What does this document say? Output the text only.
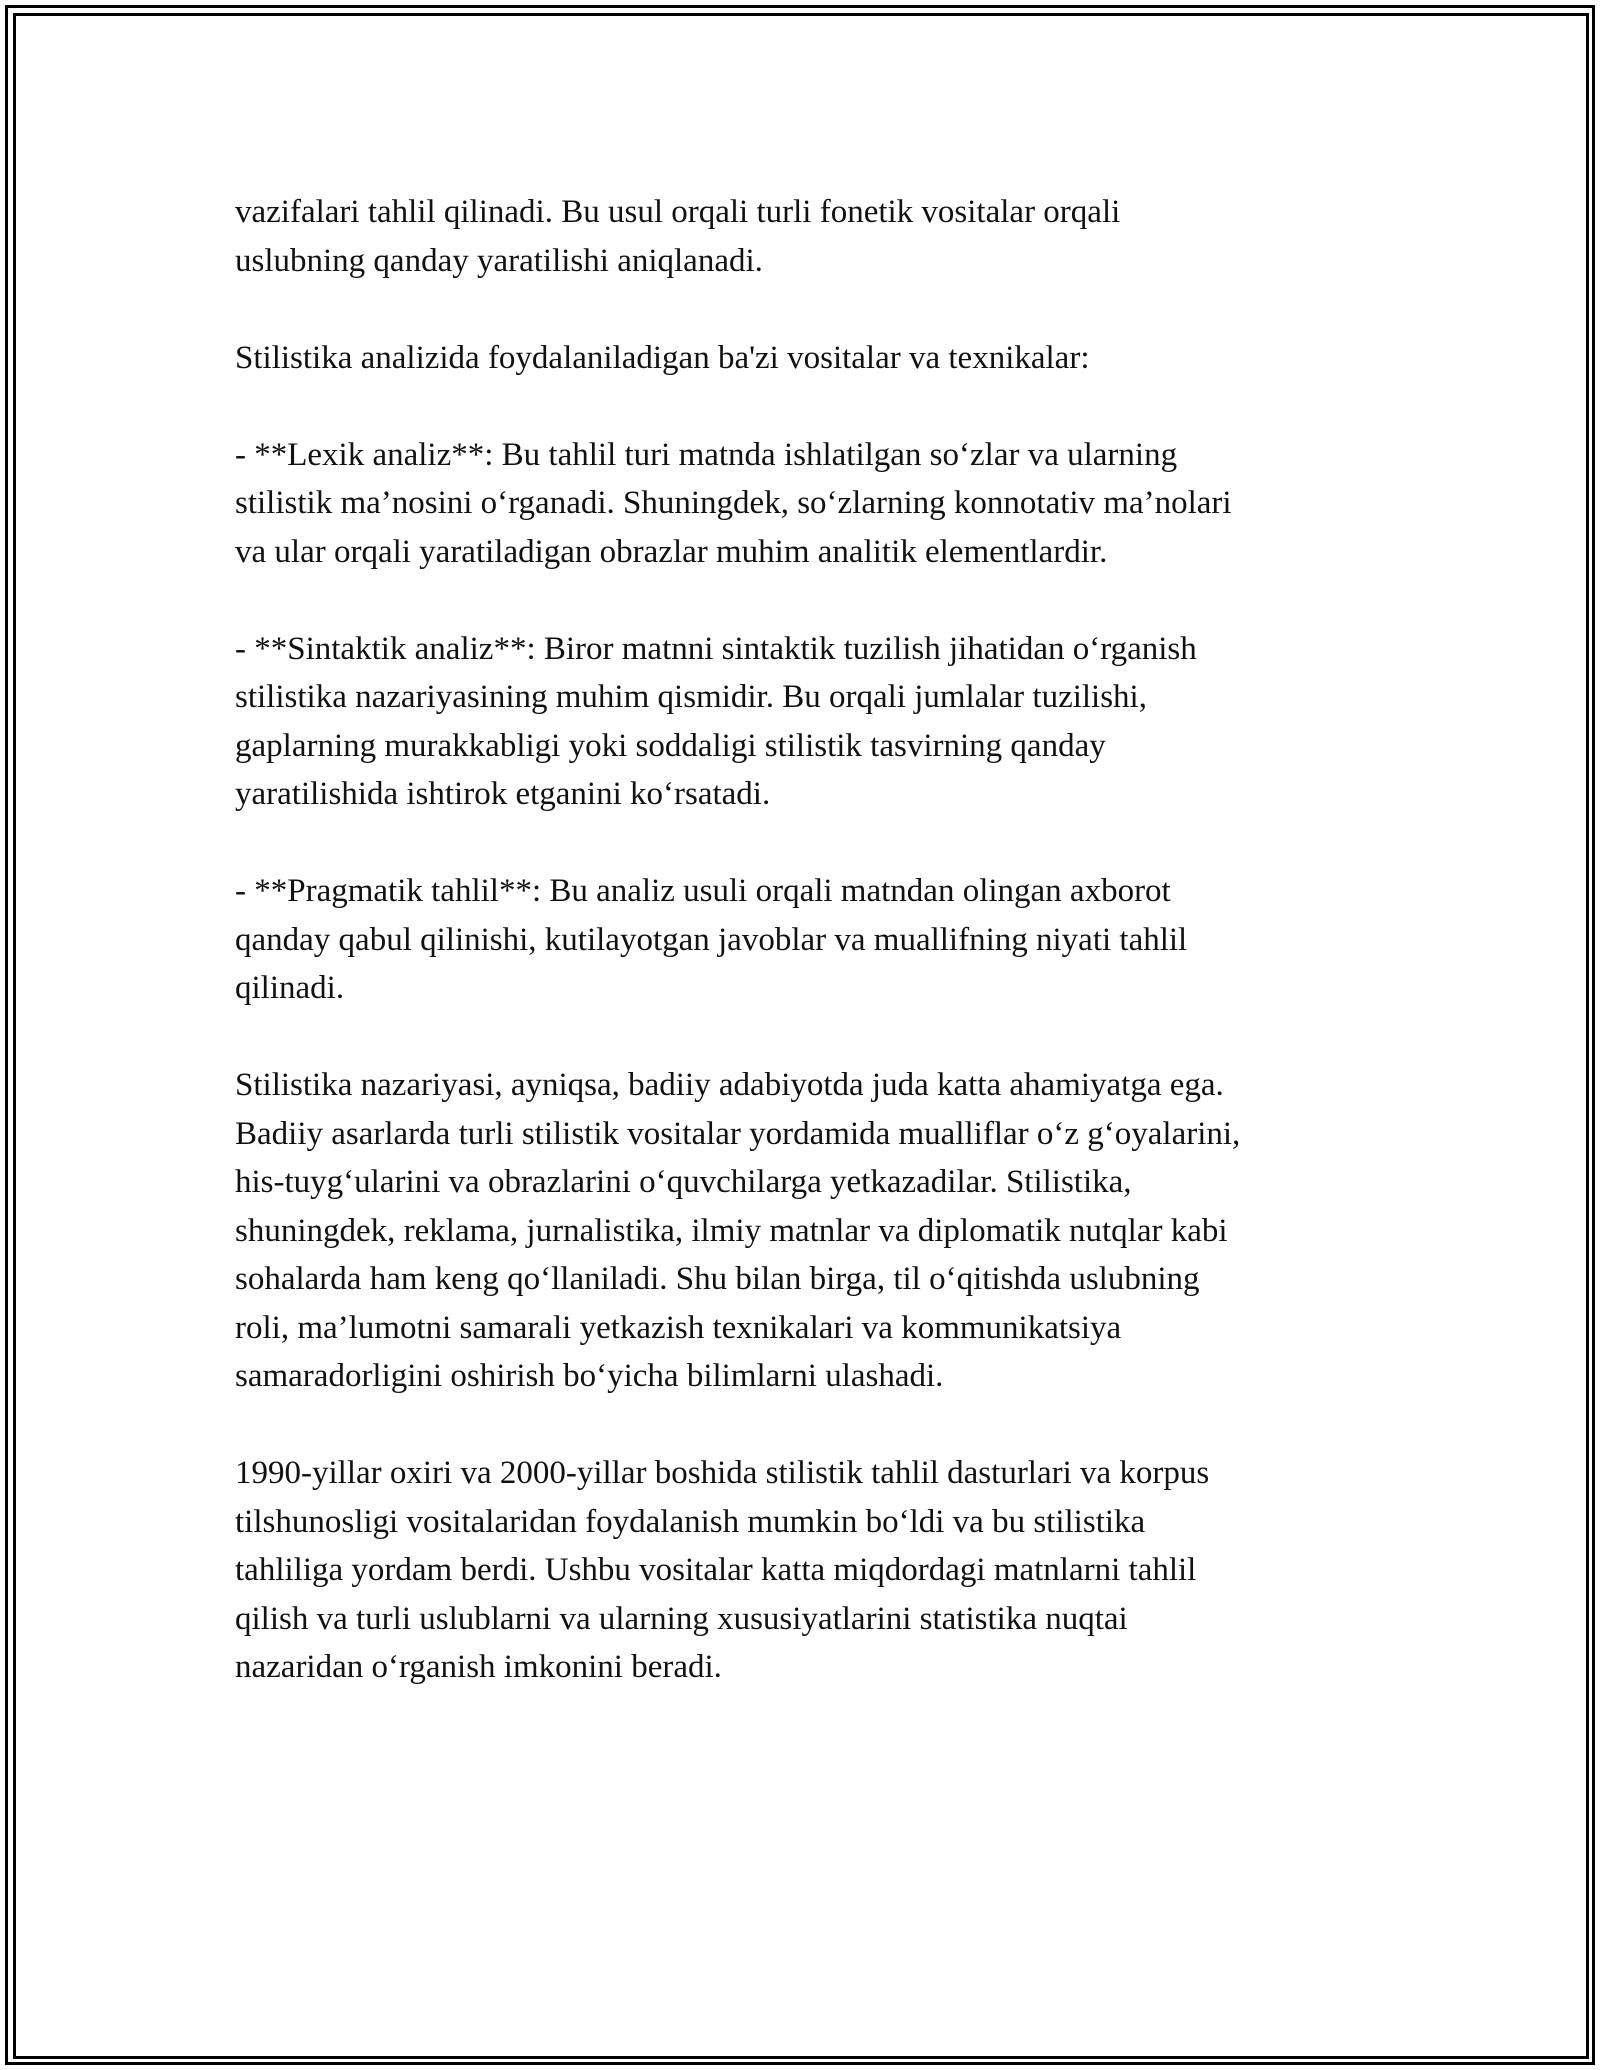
vazifalari tahlil qilinadi. Bu usul orqali turli fonetik vositalar orqali
uslubning qanday yaratilishi aniqlanadi.

Stilistika analizida foydalaniladigan ba'zi vositalar va texnikalar:

- **Lexik analiz**: Bu tahlil turi matnda ishlatilgan so‘zlar va ularning
stilistik ma’nosini o‘rganadi. Shuningdek, so‘zlarning konnotativ ma’nolari
va ular orqali yaratiladigan obrazlar muhim analitik elementlardir.

- **Sintaktik analiz**: Biror matnni sintaktik tuzilish jihatidan o‘rganish
stilistika nazariyasining muhim qismidir. Bu orqali jumlalar tuzilishi,
gaplarning murakkabligi yoki soddaligi stilistik tasvirning qanday
yaratilishida ishtirok etganini ko‘rsatadi.

- **Pragmatik tahlil**: Bu analiz usuli orqali matndan olingan axborot
qanday qabul qilinishi, kutilayotgan javoblar va muallifning niyati tahlil
qilinadi.

Stilistika nazariyasi, ayniqsa, badiiy adabiyotda juda katta ahamiyatga ega.
Badiiy asarlarda turli stilistik vositalar yordamida mualliflar o‘z g‘oyalarini,
his-tuyg‘ularini va obrazlarini o‘quvchilarga yetkazadilar. Stilistika,
shuningdek, reklama, jurnalistika, ilmiy matnlar va diplomatik nutqlar kabi
sohalarda ham keng qo‘llaniladi. Shu bilan birga, til o‘qitishda uslubning
roli, ma’lumotni samarali yetkazish texnikalari va kommunikatsiya
samaradorligini oshirish bo‘yicha bilimlarni ulashadi.

1990-yillar oxiri va 2000-yillar boshida stilistik tahlil dasturlari va korpus
tilshunosligi vositalaridan foydalanish mumkin bo‘ldi va bu stilistika
tahliliga yordam berdi. Ushbu vositalar katta miqdordagi matnlarni tahlil
qilish va turli uslublarni va ularning xususiyatlarini statistika nuqtai
nazaridan o‘rganish imkonini beradi.
